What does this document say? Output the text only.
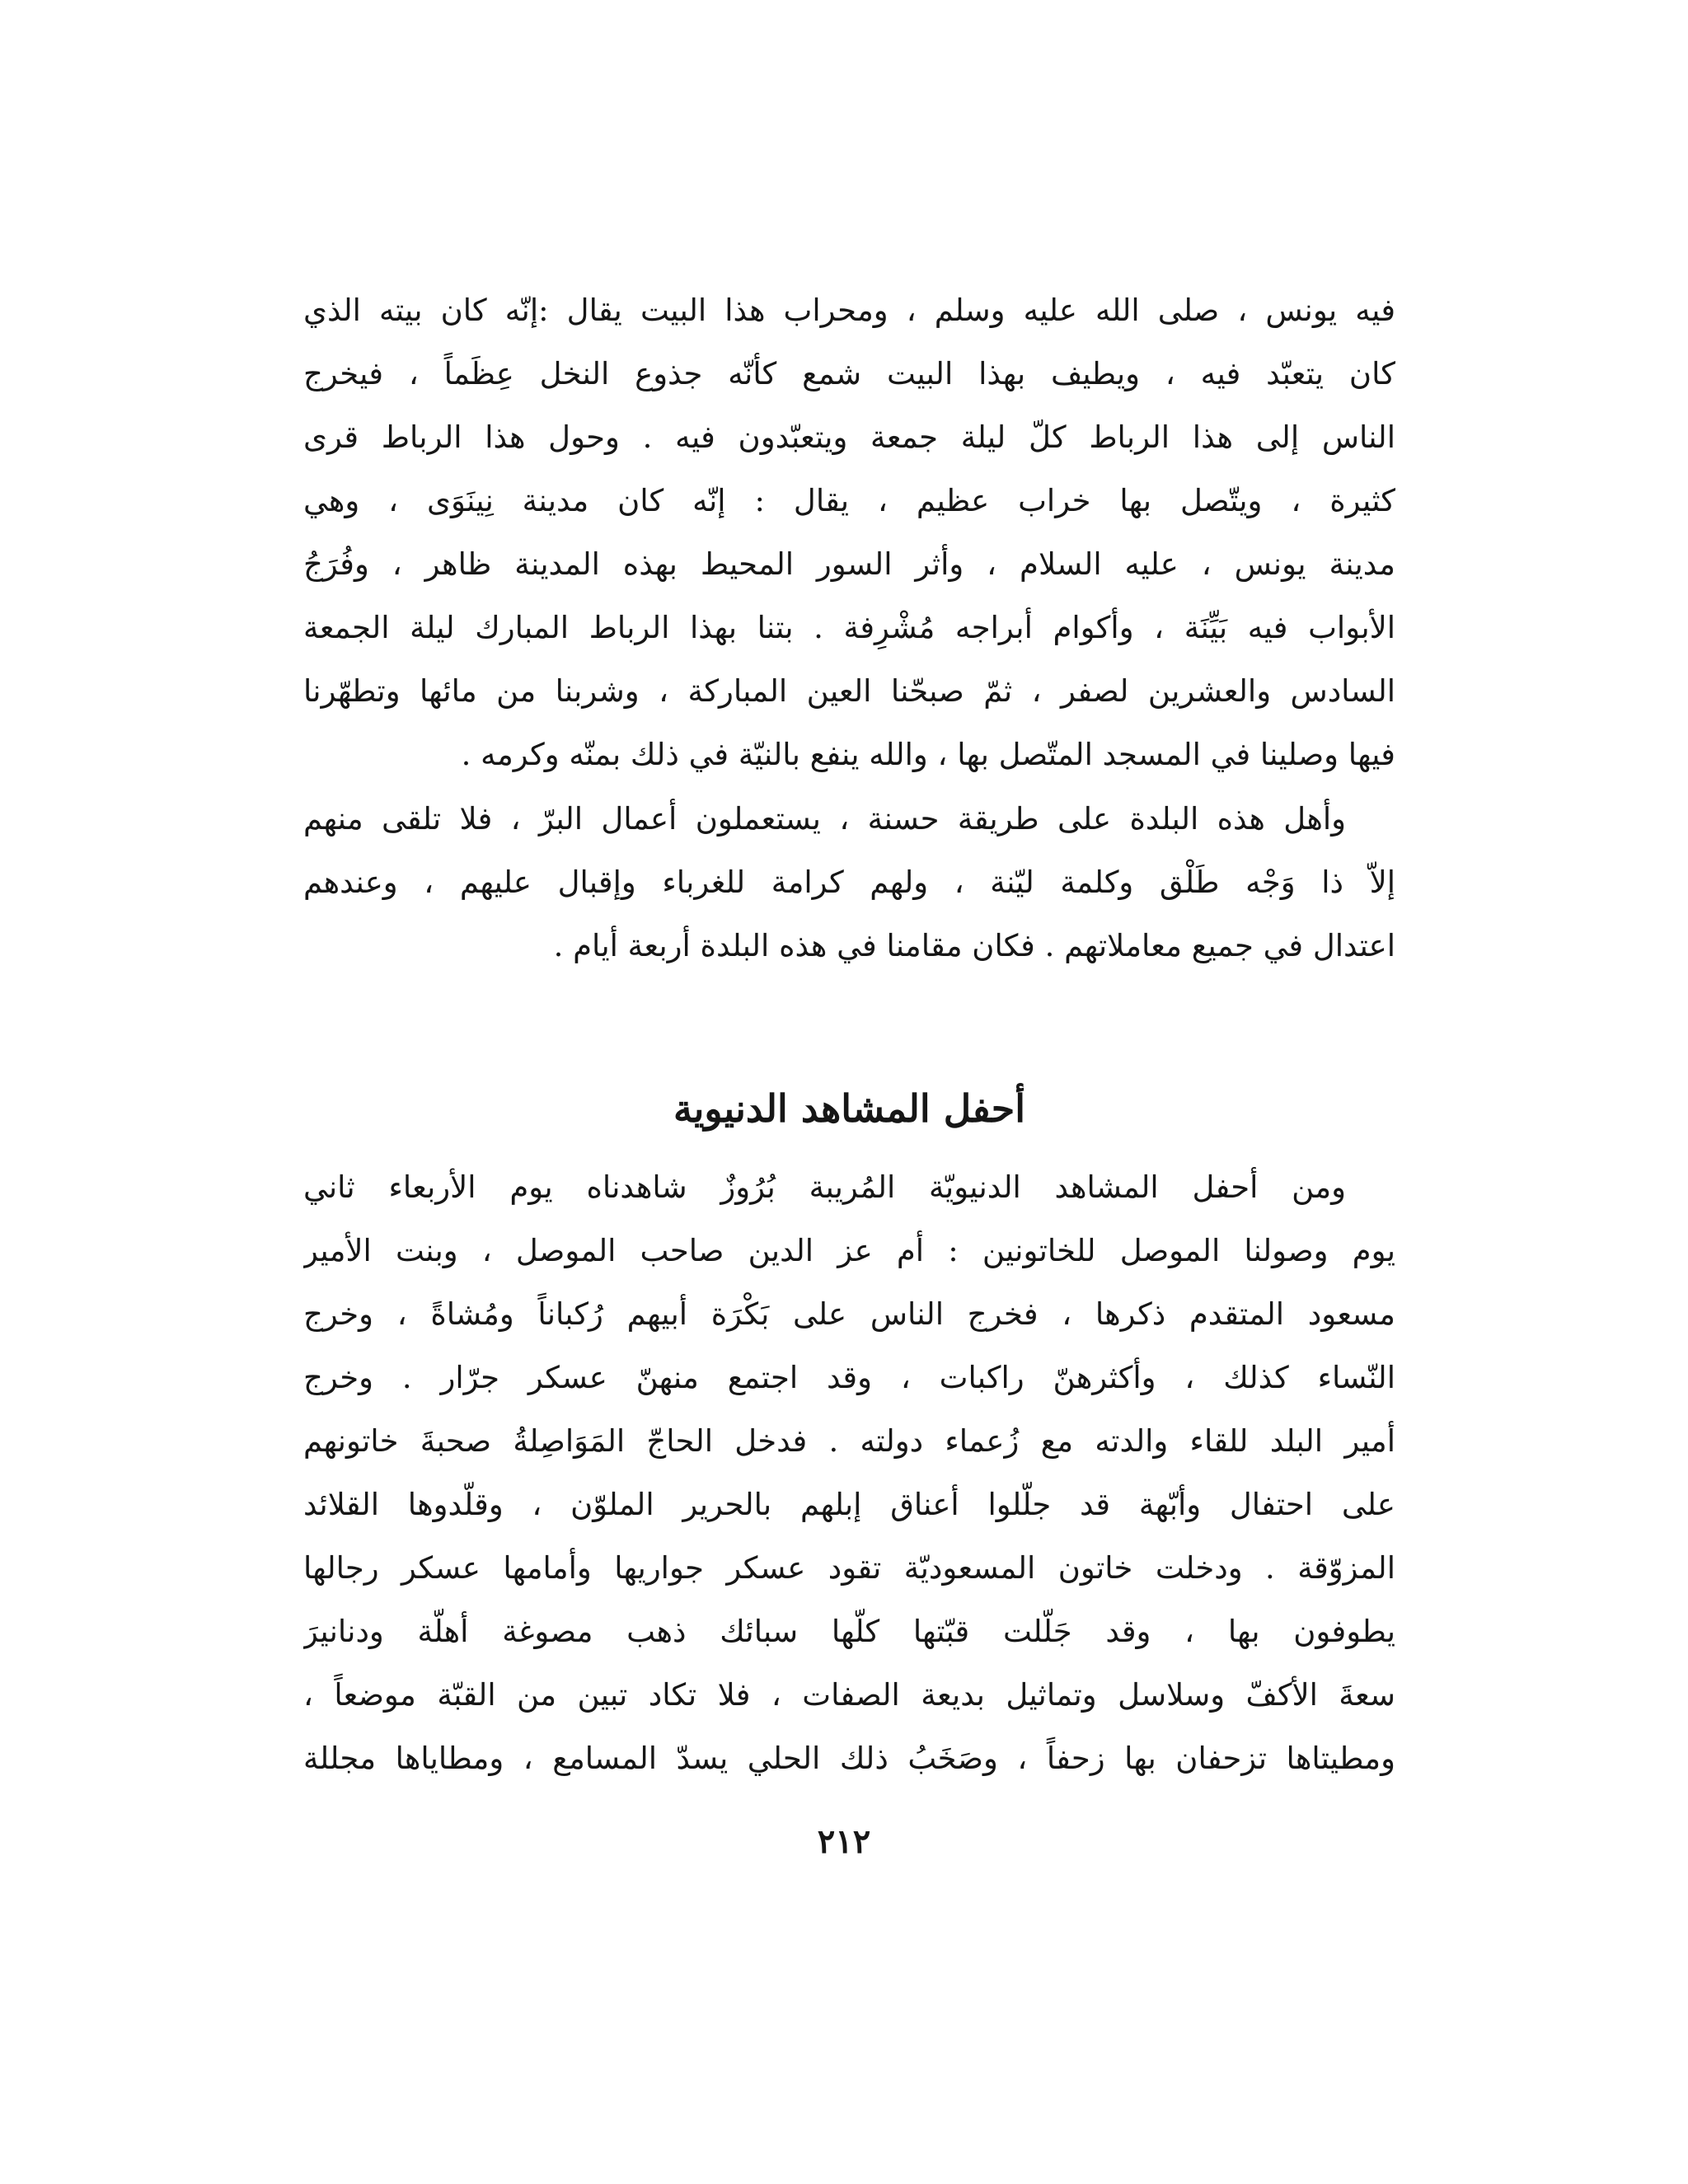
فيه يونس ، صلى الله عليه وسلم ، ومحراب هذا البيت يقال :إنّه كان بيته الذي
كان يتعبّد فيه ، ويطيف بهذا البيت شمع كأنّه جذوع النخل عِظَماً ، فيخرج
الناس إلى هذا الرباط كلّ ليلة جمعة ويتعبّدون فيه . وحول هذا الرباط قرى
كثيرة ، ويتّصل بها خراب عظيم ، يقال : إنّه كان مدينة نِينَوَى ، وهي
مدينة يونس ، عليه السلام ، وأثر السور المحيط بهذه المدينة ظاهر ، وفُرَجُ
الأبواب فيه بَيِّنَة ، وأكوام أبراجه مُشْرِفة . بتنا بهذا الرباط المبارك ليلة الجمعة
السادس والعشرين لصفر ، ثمّ صبحّنا العين المباركة ، وشربنا من مائها وتطهّرنا
فيها وصلينا في المسجد المتّصل بها ، والله ينفع بالنيّة في ذلك بمنّه وكرمه .

وأهل هذه البلدة على طريقة حسنة ، يستعملون أعمال البرّ ، فلا تلقى منهم
إلاّ ذا وَجْه طَلْق وكلمة ليّنة ، ولهم كرامة للغرباء وإقبال عليهم ، وعندهم
اعتدال في جميع معاملاتهم . فكان مقامنا في هذه البلدة أربعة أيام .

أحفل المشاهد الدنيوية

ومن أحفل المشاهد الدنيويّة المُريبة بُرُوزٌ شاهدناه يوم الأربعاء ثاني
يوم وصولنا الموصل للخاتونين : أم عز الدين صاحب الموصل ، وبنت الأمير
مسعود المتقدم ذكرها ، فخرج الناس على بَكْرَة أبيهم رُكباناً ومُشاةً ، وخرج
النّساء كذلك ، وأكثرهنّ راكبات ، وقد اجتمع منهنّ عسكر جرّار . وخرج
أمير البلد للقاء والدته مع زُعماء دولته . فدخل الحاجّ المَوَاصِلةُ صحبةَ خاتونهم
على احتفال وأبّهة قد جلّلوا أعناق إبلهم بالحرير الملوّن ، وقلّدوها القلائد
المزوّقة . ودخلت خاتون المسعوديّة تقود عسكر جواريها وأمامها عسكر رجالها
يطوفون بها ، وقد جَلّلت قبّتها كلّها سبائك ذهب مصوغة أهلّة ودنانيرَ
سعةَ الأكفّ وسلاسل وتماثيل بديعة الصفات ، فلا تكاد تبين من القبّة موضعاً ،
ومطيتاها تزحفان بها زحفاً ، وصَخَبُ ذلك الحلي يسدّ المسامع ، ومطاياها مجللة

٢١٢
